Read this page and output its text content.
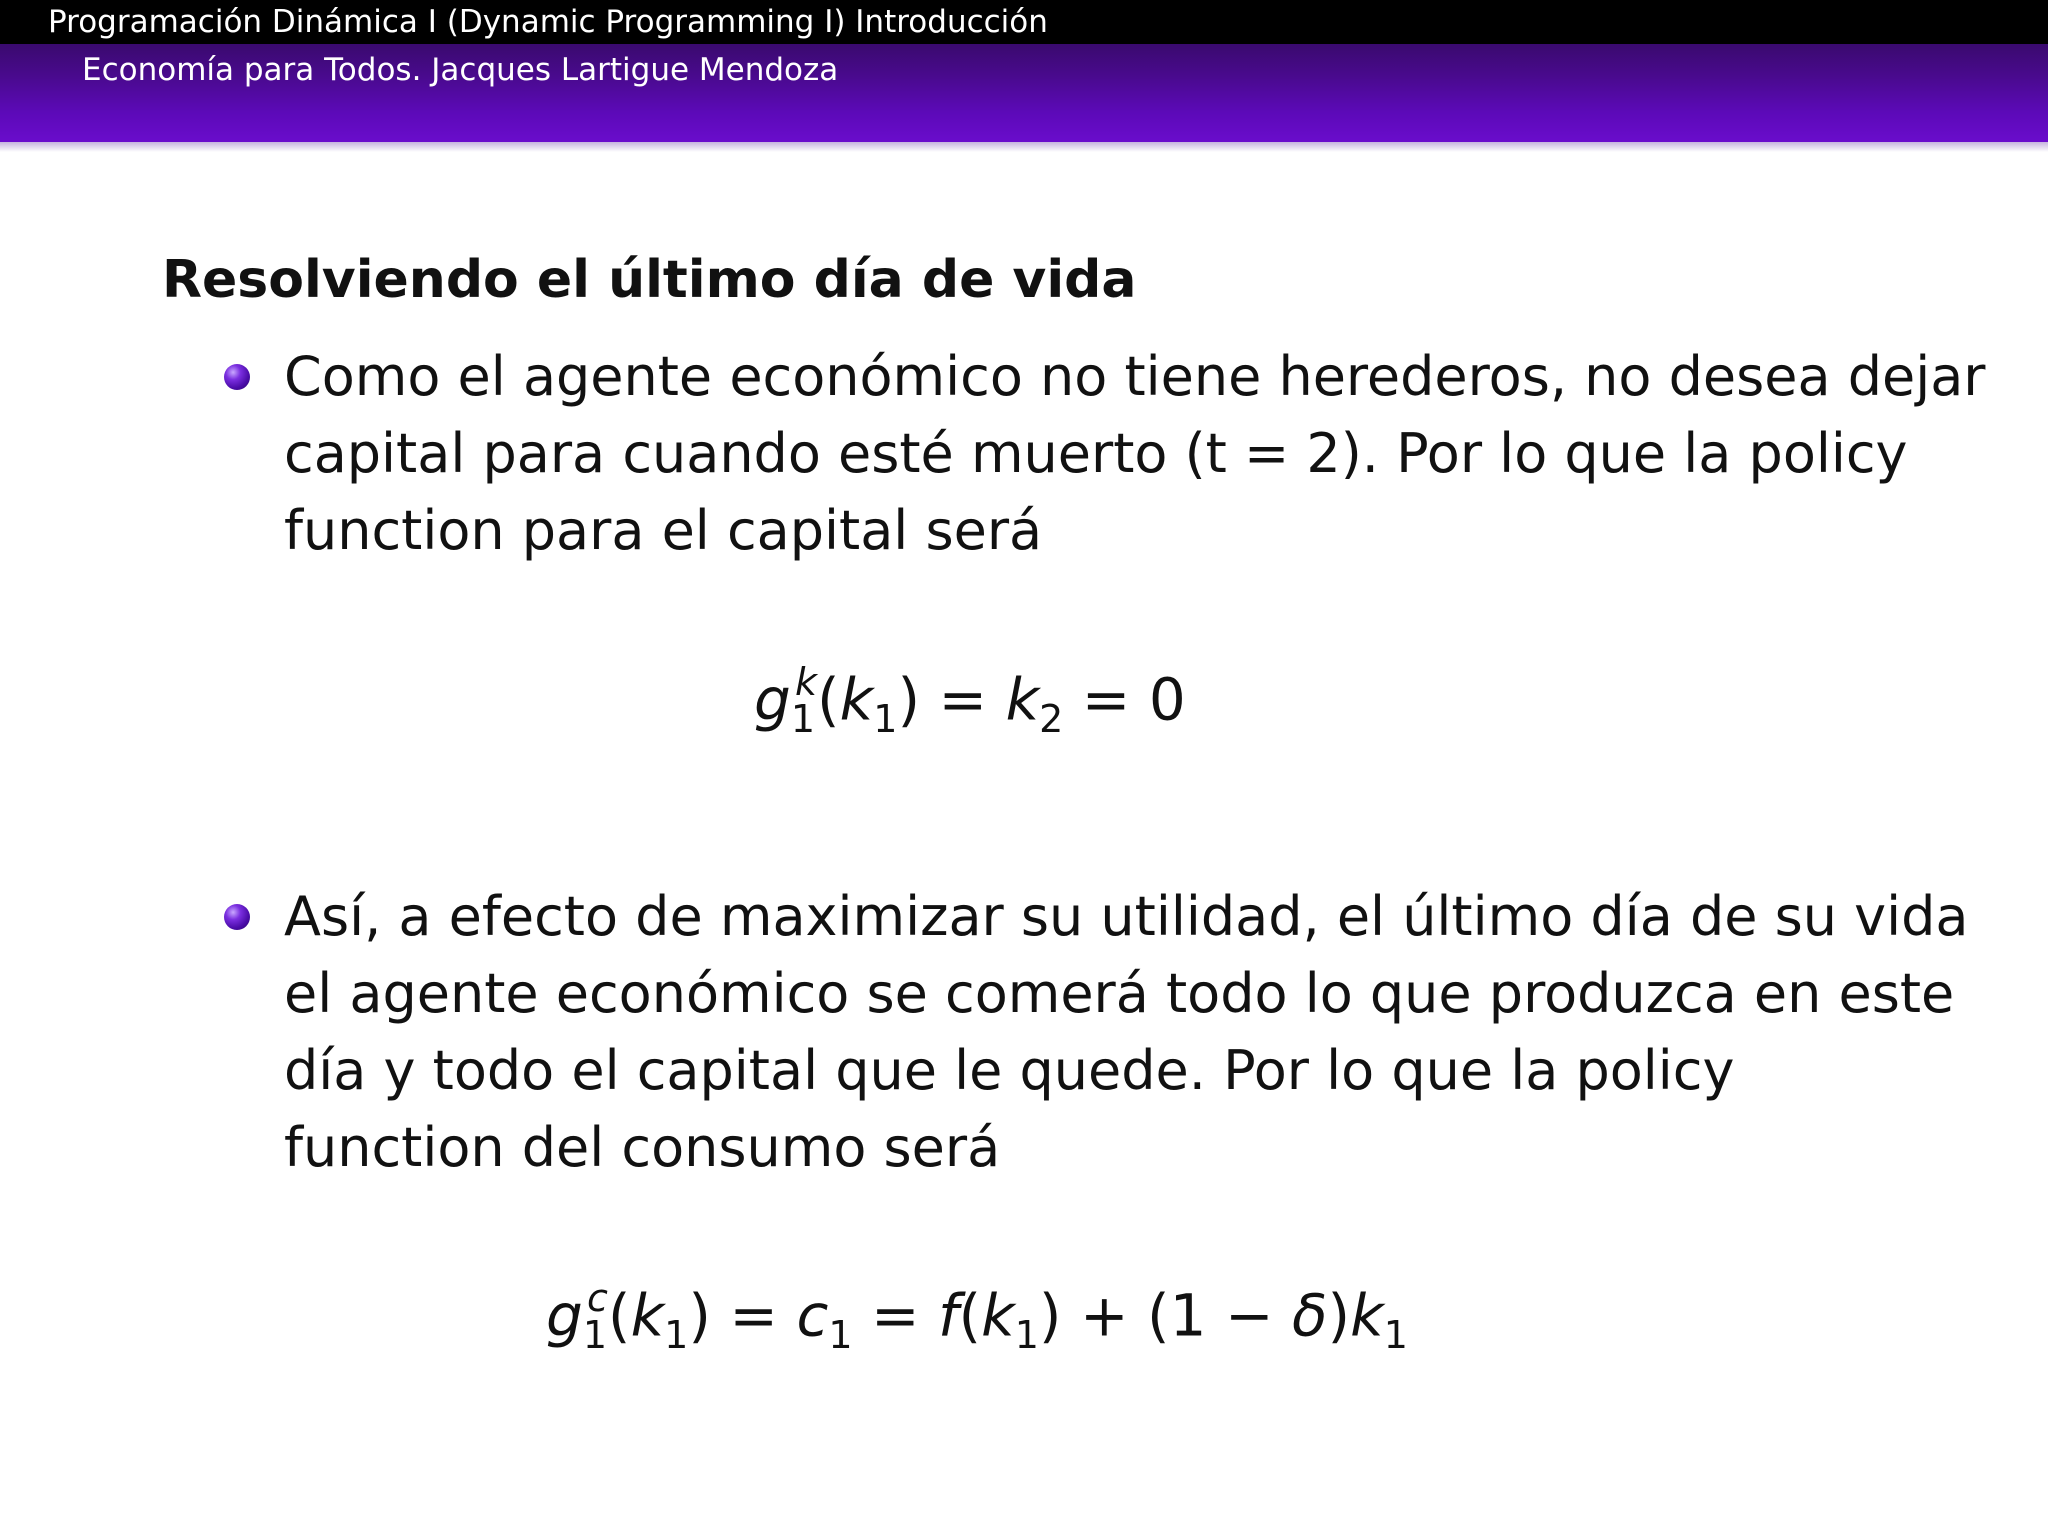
Programación Dinámica I (Dynamic Programming I) Introducción
Economía para Todos. Jacques Lartigue Mendoza
Resolviendo el último día de vida
Como el agente económico no tiene herederos, no desea dejar
capital para cuando esté muerto (t = 2). Por lo que la policy
function para el capital será
$g_1^k(k_1) = k_2 = 0$
Así, a efecto de maximizar su utilidad, el último día de su vida
el agente económico se comerá todo lo que produzca en este
día y todo el capital que le quede. Por lo que la policy
function del consumo será
$g_1^c(k_1) = c_1 = f(k_1) + (1 - \delta)k_1$
